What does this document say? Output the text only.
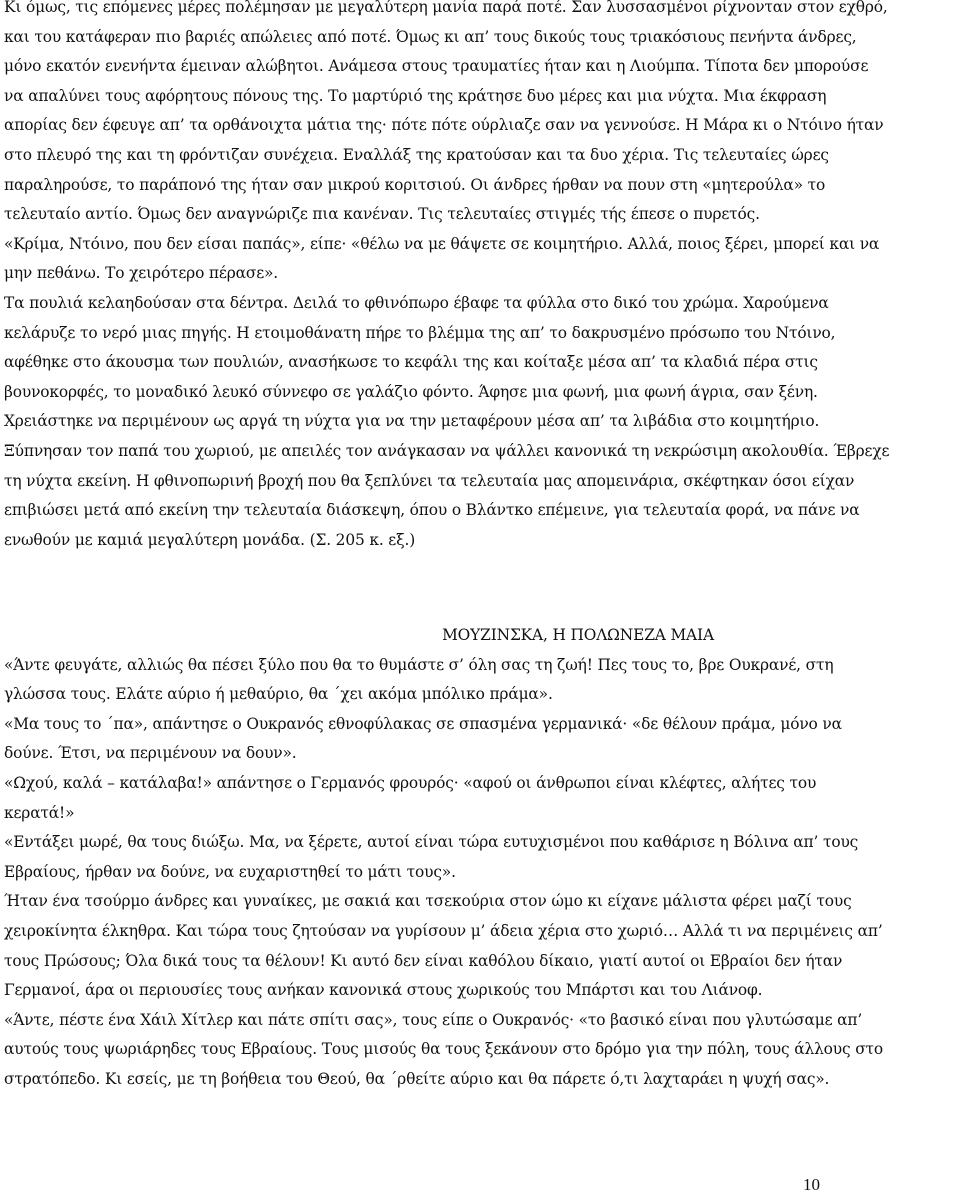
Κι όμως, τις επόμενες μέρες πολέμησαν με μεγαλύτερη μανία παρά ποτέ. Σαν λυσσασμένοι ρίχνονταν στον εχθρό,
και του κατάφεραν πιο βαριές απώλειες από ποτέ. Όμως κι απ’ τους δικούς τους τριακόσιους πενήντα άνδρες,
μόνο εκατόν ενενήντα έμειναν αλώβητοι. Ανάμεσα στους τραυματίες ήταν και η Λιούμπα. Τίποτα δεν μπορούσε
να απαλύνει τους αφόρητους πόνους της. Το μαρτύριό της κράτησε δυο μέρες και μια νύχτα. Μια έκφραση
απορίας δεν έφευγε απ’ τα ορθάνοιχτα μάτια της· πότε πότε ούρλιαζε σαν να γεννούσε. Η Μάρα κι ο Ντόινο ήταν
στο πλευρό της και τη φρόντιζαν συνέχεια. Εναλλάξ της κρατούσαν και τα δυο χέρια. Τις τελευταίες ώρες
παραληρούσε, το παράπονό της ήταν σαν μικρού κοριτσιού. Οι άνδρες ήρθαν να πουν στη «μητερούλα» το
τελευταίο αντίο. Όμως δεν αναγνώριζε πια κανέναν. Τις τελευταίες στιγμές τής έπεσε ο πυρετός.
«Κρίμα, Ντόινο, που δεν είσαι παπάς», είπε· «θέλω να με θάψετε σε κοιμητήριο. Αλλά, ποιος ξέρει, μπορεί και να
μην πεθάνω. Το χειρότερο πέρασε».
Τα πουλιά κελαηδούσαν στα δέντρα. Δειλά το φθινόπωρο έβαφε τα φύλλα στο δικό του χρώμα. Χαρούμενα
κελάρυζε το νερό μιας πηγής. Η ετοιμοθάνατη πήρε το βλέμμα της απ’ το δακρυσμένο πρόσωπο του Ντόινο,
αφέθηκε στο άκουσμα των πουλιών, ανασήκωσε το κεφάλι της και κοίταξε μέσα απ’ τα κλαδιά πέρα στις
βουνοκορφές, το μοναδικό λευκό σύννεφο σε γαλάζιο φόντο. Άφησε μια φωνή, μια φωνή άγρια, σαν ξένη.
Χρειάστηκε να περιμένουν ως αργά τη νύχτα για να την μεταφέρουν μέσα απ’ τα λιβάδια στο κοιμητήριο.
Ξύπνησαν τον παπά του χωριού, με απειλές τον ανάγκασαν να ψάλλει κανονικά τη νεκρώσιμη ακολουθία. Έβρεχε
τη νύχτα εκείνη. Η φθινοπωρινή βροχή που θα ξεπλύνει τα τελευταία μας απομεινάρια, σκέφτηκαν όσοι είχαν
επιβιώσει μετά από εκείνη την τελευταία διάσκεψη, όπου ο Βλάντκο επέμεινε, για τελευταία φορά, να πάνε να
ενωθούν με καμιά μεγαλύτερη μονάδα. (Σ. 205 κ. εξ.)
ΜΟΥΖΙΝΣΚΑ, Η ΠΟΛΩΝΕΖΑ ΜΑΙΑ
«Άντε φευγάτε, αλλιώς θα πέσει ξύλο που θα το θυμάστε σ’ όλη σας τη ζωή! Πες τους το, βρε Ουκρανέ, στη
γλώσσα τους. Ελάτε αύριο ή μεθαύριο, θα ΄χει ακόμα μπόλικο πράμα».
«Μα τους το ΄πα», απάντησε ο Ουκρανός εθνοφύλακας σε σπασμένα γερμανικά· «δε θέλουν πράμα, μόνο να
δούνε. Έτσι, να περιμένουν να δουν».
«Ωχού, καλά – κατάλαβα!» απάντησε ο Γερμανός φρουρός· «αφού οι άνθρωποι είναι κλέφτες, αλήτες του
κερατά!»
«Εντάξει μωρέ, θα τους διώξω. Μα, να ξέρετε, αυτοί είναι τώρα ευτυχισμένοι που καθάρισε η Βόλινα απ’ τους
Εβραίους, ήρθαν να δούνε, να ευχαριστηθεί το μάτι τους».
Ήταν ένα τσούρμο άνδρες και γυναίκες, με σακιά και τσεκούρια στον ώμο κι είχανε μάλιστα φέρει μαζί τους
χειροκίνητα έλκηθρα. Και τώρα τους ζητούσαν να γυρίσουν μ’ άδεια χέρια στο χωριό… Αλλά τι να περιμένεις απ’
τους Πρώσους; Όλα δικά τους τα θέλουν! Κι αυτό δεν είναι καθόλου δίκαιο, γιατί αυτοί οι Εβραίοι δεν ήταν
Γερμανοί, άρα οι περιουσίες τους ανήκαν κανονικά στους χωρικούς του Μπάρτσι και του Λιάνοφ.
«Άντε, πέστε ένα Χάιλ Χίτλερ και πάτε σπίτι σας», τους είπε ο Ουκρανός· «το βασικό είναι που γλυτώσαμε απ’
αυτούς τους ψωριάρηδες τους Εβραίους. Τους μισούς θα τους ξεκάνουν στο δρόμο για την πόλη, τους άλλους στο
στρατόπεδο. Κι εσείς, με τη βοήθεια του Θεού, θα ΄ρθείτε αύριο και θα πάρετε ό,τι λαχταράει η ψυχή σας».
10
